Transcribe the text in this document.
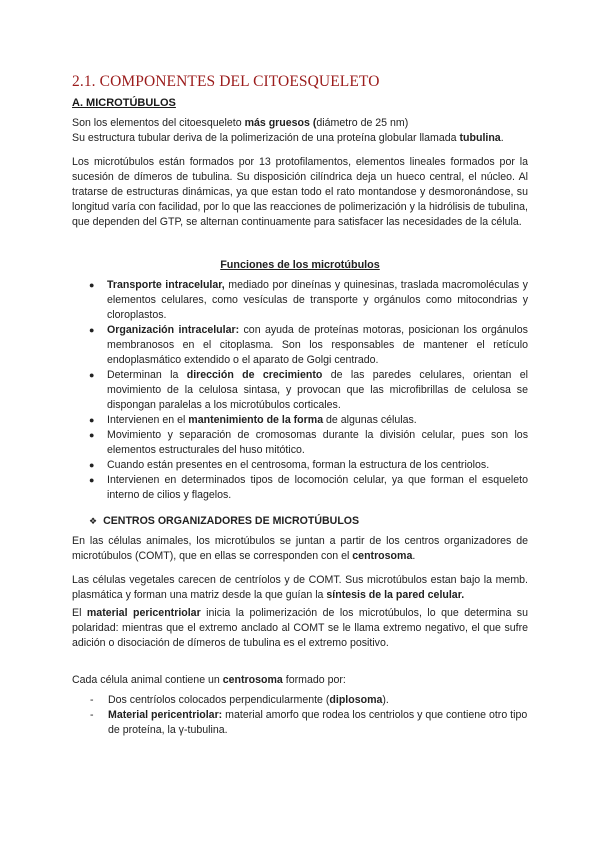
2.1. COMPONENTES DEL CITOESQUELETO
A. MICROTÚBULOS
Son los elementos del citoesqueleto más gruesos (diámetro de 25 nm)
Su estructura tubular deriva de la polimerización de una proteína globular llamada tubulina.
Los microtúbulos están formados por 13 protofilamentos, elementos lineales formados por la sucesión de dímeros de tubulina. Su disposición cilíndrica deja un hueco central, el núcleo. Al tratarse de estructuras dinámicas, ya que estan todo el rato montandose y desmoronándose, su longitud varía con facilidad, por lo que las reacciones de polimerización y la hidrólisis de tubulina, que dependen del GTP, se alternan continuamente para satisfacer las necesidades de la célula.
Funciones de los microtúbulos
● Transporte intracelular, mediado por dineínas y quinesinas, traslada macromoléculas y elementos celulares, como vesículas de transporte y orgánulos como mitocondrias y cloroplastos.
● Organización intracelular: con ayuda de proteínas motoras, posicionan los orgánulos membranosos en el citoplasma. Son los responsables de mantener el retículo endoplasmático extendido o el aparato de Golgi centrado.
● Determinan la dirección de crecimiento de las paredes celulares, orientan el movimiento de la celulosa sintasa, y provocan que las microfibrillas de celulosa se dispongan paralelas a los microtúbulos corticales.
● Intervienen en el mantenimiento de la forma de algunas células.
● Movimiento y separación de cromosomas durante la división celular, pues son los elementos estructurales del huso mitótico.
● Cuando están presentes en el centrosoma, forman la estructura de los centriolos.
● Intervienen en determinados tipos de locomoción celular, ya que forman el esqueleto interno de cilios y flagelos.
❖ CENTROS ORGANIZADORES DE MICROTÚBULOS
En las células animales, los microtúbulos se juntan a partir de los centros organizadores de microtúbulos (COMT), que en ellas se corresponden con el centrosoma.
Las células vegetales carecen de centríolos y de COMT. Sus microtúbulos estan bajo la memb. plasmática y forman una matriz desde la que guían la síntesis de la pared celular.
El material pericentriolar inicia la polimerización de los microtúbulos, lo que determina su polaridad: mientras que el extremo anclado al COMT se le llama extremo negativo, el que sufre adición o disociación de dímeros de tubulina es el extremo positivo.
Cada célula animal contiene un centrosoma formado por:
- Dos centríolos colocados perpendicularmente (diplosoma).
- Material pericentriolar: material amorfo que rodea los centriolos y que contiene otro tipo de proteína, la γ-tubulina.
